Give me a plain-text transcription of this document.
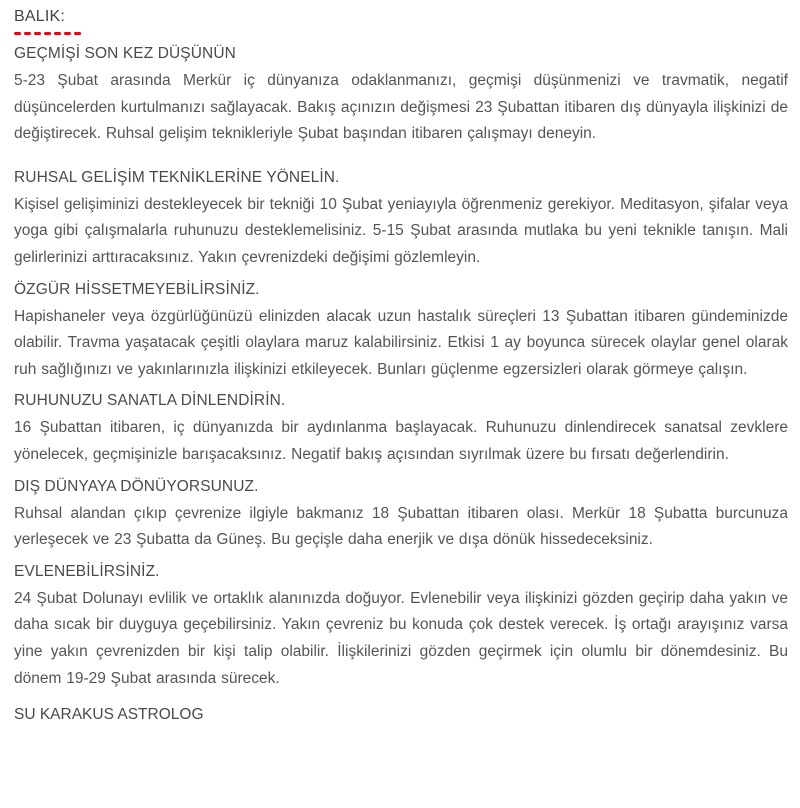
BALIK:
GEÇMİŞİ SON KEZ DÜŞÜNÜN

5-23 Şubat arasında Merkür iç dünyanıza odaklanmanızı, geçmişi düşünmenizi ve travmatik, negatif düşüncelerden kurtulmanızı sağlayacak. Bakış açınızın değişmesi 23 Şubattan itibaren dış dünyayla ilişkinizi de değiştirecek. Ruhsal gelişim teknikleriyle Şubat başından itibaren çalışmayı deneyin.

RUHSAL GELİŞİM TEKNİKLERİNE YÖNELİN.

Kişisel gelişiminizi destekleyecek bir tekniği 10 Şubat yeniayıyla öğrenmeniz gerekiyor. Meditasyon, şifalar veya yoga gibi çalışmalarla ruhunuzu desteklemelisiniz. 5-15 Şubat arasında mutlaka bu yeni teknikle tanışın. Mali gelirlerinizi arttıracaksınız. Yakın çevrenizdeki değişimi gözlemleyin.

ÖZGÜR HİSSETMEYEBİLİRSİNİZ.

Hapishaneler veya özgürlüğünüzü elinizden alacak uzun hastalık süreçleri 13 Şubattan itibaren gündeminizde olabilir. Travma yaşatacak çeşitli olaylara maruz kalabilirsiniz. Etkisi 1 ay boyunca sürecek olaylar genel olarak ruh sağlığınızı ve yakınlarınızla ilişkinizi etkileyecek. Bunları güçlenme egzersizleri olarak görmeye çalışın.

RUHUNUZU SANATLA DİNLENDİRİN.

16 Şubattan itibaren, iç dünyanızda bir aydınlanma başlayacak. Ruhunuzu dinlendirecek sanatsal zevklere yönelecek, geçmişinizle barışacaksınız. Negatif bakış açısından sıyrılmak üzere bu fırsatı değerlendirin.

DIŞ DÜNYAYA DÖNÜYORSUNUZ.

Ruhsal alandan çıkıp çevrenize ilgiyle bakmanız 18 Şubattan itibaren olası. Merkür 18 Şubatta burcunuza yerleşecek ve 23 Şubatta da Güneş. Bu geçişle daha enerjik ve dışa dönük hissedeceksiniz.

EVLENEBİLİRSİNİZ.

24 Şubat Dolunayı evlilik ve ortaklık alanınızda doğuyor. Evlenebilir veya ilişkinizi gözden geçirip daha yakın ve daha sıcak bir duyguya geçebilirsiniz. Yakın çevreniz bu konuda çok destek verecek. İş ortağı arayışınız varsa yine yakın çevrenizden bir kişi talip olabilir. İlişkilerinizi gözden geçirmek için olumlu bir dönemdesiniz. Bu dönem 19-29 Şubat arasında sürecek.

SU KARAKUS ASTROLOG
